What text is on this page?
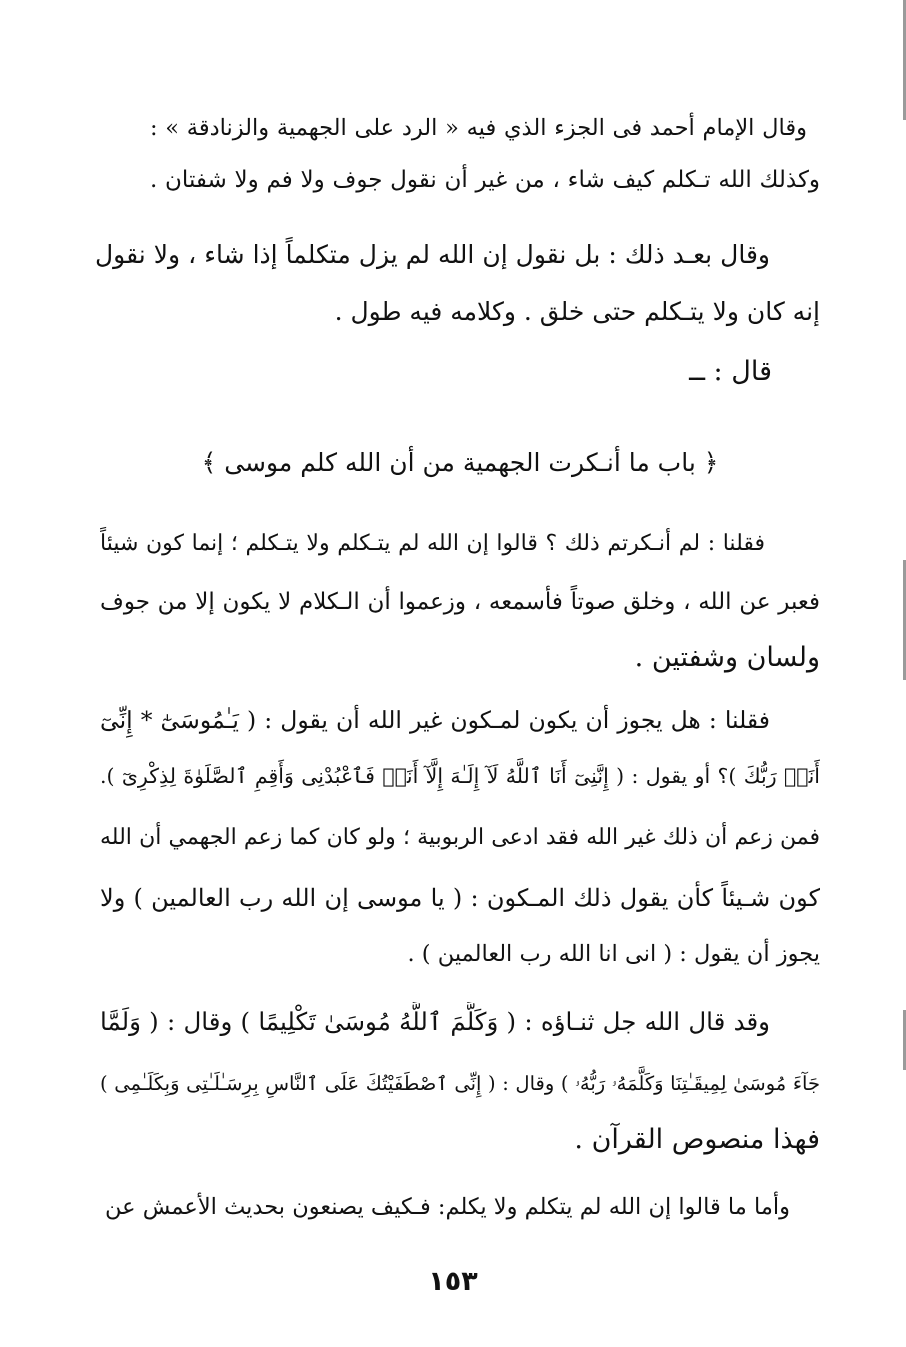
وقال الإمام أحمد فى الجزء الذي فيه « الرد على الجهمية والزنادقة » :
وكذلك الله تـكلم كيف شاء ، من غير أن نقول جوف ولا فم ولا شفتان .
وقال بعـد ذلك : بل نقول إن الله لم يزل متكلماً إذا شاء ، ولا نقول
إنه كان ولا يتـكلم حتى خلق . وكلامه فيه طول .
قال : ــ
﴿ باب ما أنـكرت الجهمية من أن الله كلم موسى ﴾
فقلنا : لم أنـكرتم ذلك ؟ قالوا إن الله لم يتـكلم ولا يتـكلم ؛ إنما كون شيئاً
فعبر عن الله ، وخلق صوتاً فأسمعه ، وزعموا أن الـكلام لا يكون إلا من جوف
ولسان وشفتين .
فقلنا : هل يجوز أن يكون لمـكون غير الله أن يقول : ( يَـٰمُوسَىٰٓ * إِنِّىٓ
أَنَا۠ رَبُّكَ )؟ أو يقول : ( إِنَّنِىٓ أَنَا ٱللَّهُ لَآ إِلَـٰهَ إِلَّآ أَنَا۠ فَٱعْبُدْنِى وَأَقِمِ ٱلصَّلَوٰةَ لِذِكْرِىٓ ).
فمن زعم أن ذلك غير الله فقد ادعى الربوبية ؛ ولو كان كما زعم الجهمي أن الله
كون شـيئاً كأن يقول ذلك المـكون : ( يا موسى إن الله رب العالمين ) ولا
يجوز أن يقول : ( انى انا الله رب العالمين ) .
وقد قال الله جل ثنـاؤه : ( وَكَلَّمَ ٱللَّهُ مُوسَىٰ تَكْلِيمًا ) وقال : ( وَلَمَّا
جَآءَ مُوسَىٰ لِمِيقَـٰتِنَا وَكَلَّمَهُۥ رَبُّهُۥ ) وقال : ( إِنِّى ٱصْطَفَيْتُكَ عَلَى ٱلنَّاسِ بِرِسَـٰلَـٰتِى وَبِكَلَـٰمِى )
فهذا منصوص القرآن .
وأما ما قالوا إن الله لم يتكلم ولا يكلم: فـكيف يصنعون بحديث الأعمش عن
١٥٣
